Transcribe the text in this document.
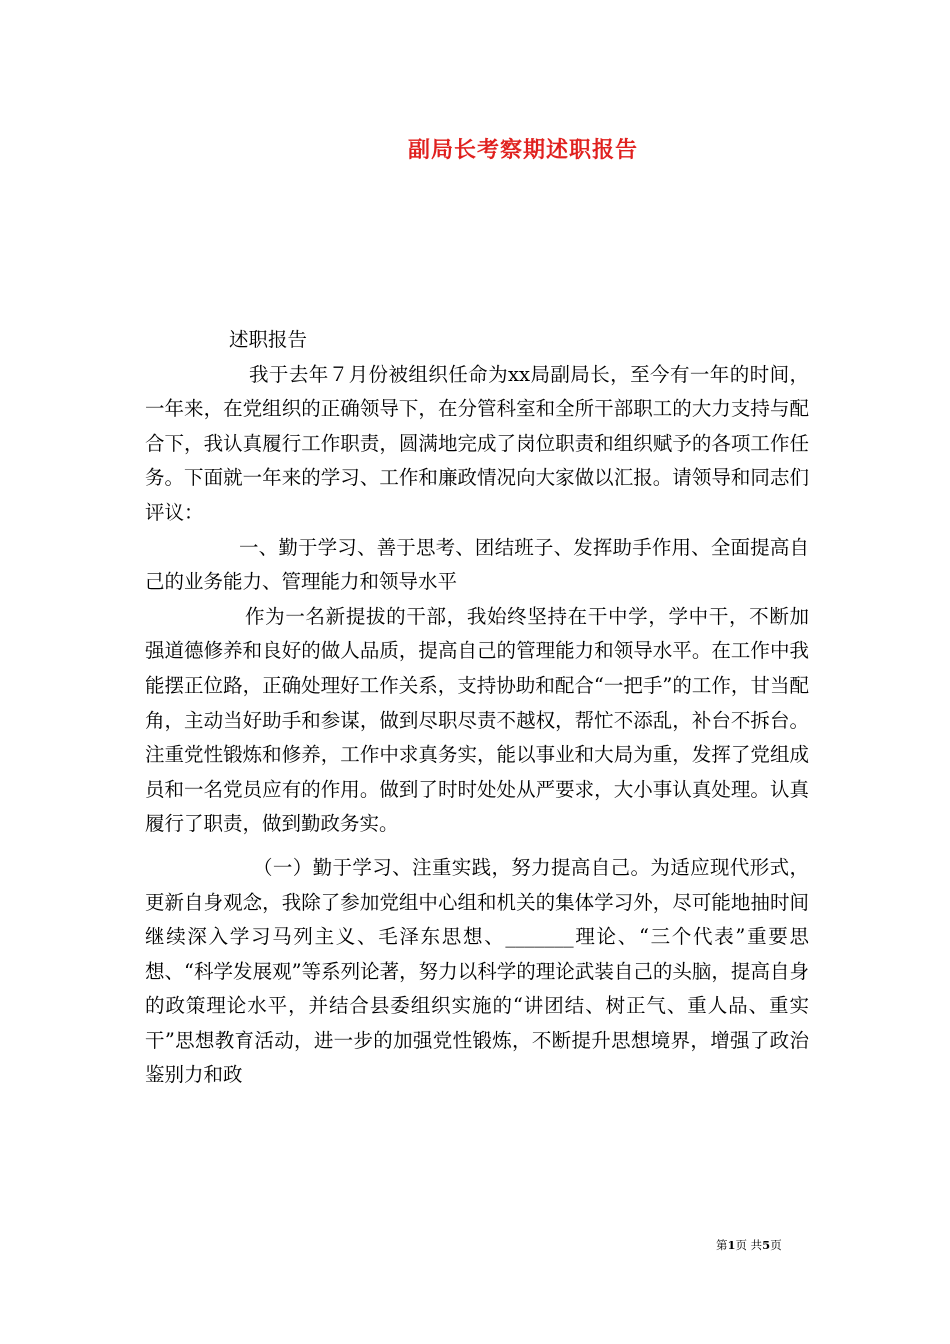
副局长考察期述职报告

述职报告

我于去年７月份被组织任命为xx局副局长，至今有一年的时间，一年来，在党组织的正确领导下，在分管科室和全所干部职工的大力支持与配合下，我认真履行工作职责，圆满地完成了岗位职责和组织赋予的各项工作任务。下面就一年来的学习、工作和廉政情况向大家做以汇报。请领导和同志们评议：

一、勤于学习、善于思考、团结班子、发挥助手作用、全面提高自己的业务能力、管理能力和领导水平

作为一名新提拔的干部，我始终坚持在干中学，学中干，不断加强道德修养和良好的做人品质，提高自己的管理能力和领导水平。在工作中我能摆正位路，正确处理好工作关系，支持协助和配合“一把手”的工作，甘当配角，主动当好助手和参谋，做到尽职尽责不越权，帮忙不添乱，补台不拆台。注重党性锻炼和修养，工作中求真务实，能以事业和大局为重，发挥了党组成员和一名党员应有的作用。做到了时时处处从严要求，大小事认真处理。认真履行了职责，做到勤政务实。

（一）勤于学习、注重实践，努力提高自己。为适应现代形式，更新自身观念，我除了参加党组中心组和机关的集体学习外，尽可能地抽时间继续深入学习马列主义、毛泽东思想、_______理论、“三个代表”重要思想、“科学发展观”等系列论著，努力以科学的理论武装自己的头脑，提高自身的政策理论水平，并结合县委组织实施的“讲团结、树正气、重人品、重实干”思想教育活动，进一步的加强党性锻炼，不断提升思想境界，增强了政治鉴别力和政

第1页 共5页
